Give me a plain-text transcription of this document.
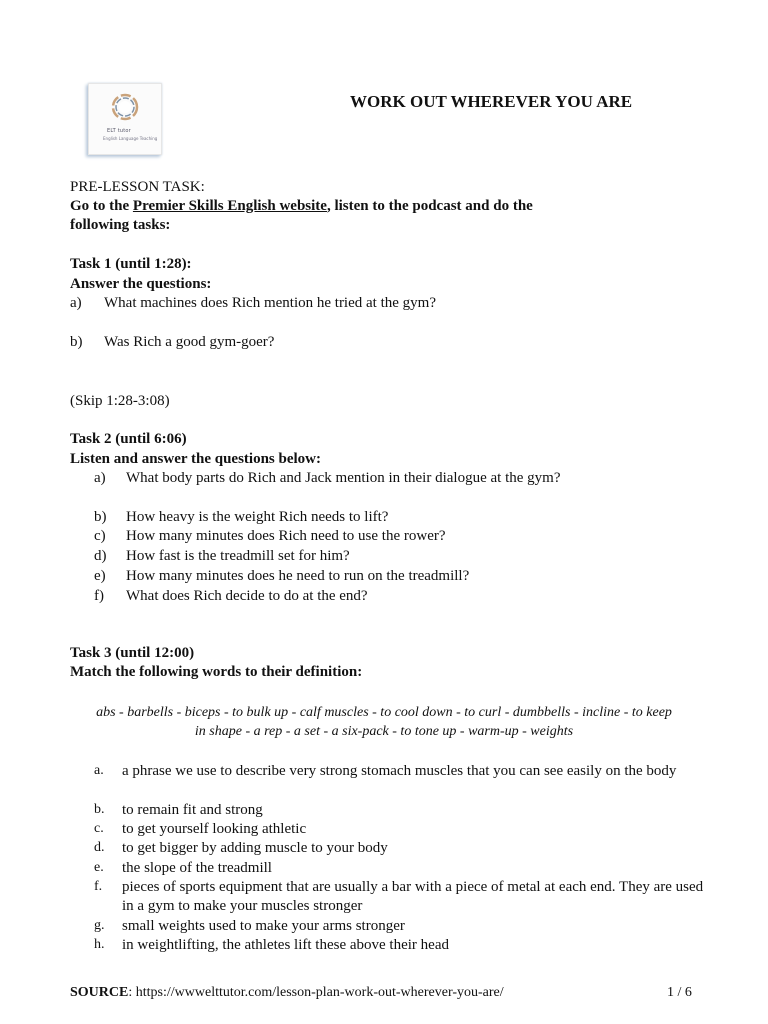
ELT tutor
English Language Teaching
WORK OUT WHEREVER YOU ARE
PRE-LESSON TASK:
Go to the Premier Skills English website, listen to the podcast and do the
following tasks:
Task 1 (until 1:28):
Answer the questions:
a) What machines does Rich mention he tried at the gym?
b) Was Rich a good gym-goer?
(Skip 1:28-3:08)
Task 2 (until 6:06)
Listen and answer the questions below:
a) What body parts do Rich and Jack mention in their dialogue at the gym?
b) How heavy is the weight Rich needs to lift?
c) How many minutes does Rich need to use the rower?
d) How fast is the treadmill set for him?
e) How many minutes does he need to run on the treadmill?
f) What does Rich decide to do at the end?
Task 3 (until 12:00)
Match the following words to their definition:
abs - barbells - biceps - to bulk up - calf muscles - to cool down - to curl - dumbbells - incline - to keep
in shape - a rep - a set - a six-pack - to tone up - warm-up - weights
a. a phrase we use to describe very strong stomach muscles that you can see easily on the body
b. to remain fit and strong
c. to get yourself looking athletic
d. to get bigger by adding muscle to your body
e. the slope of the treadmill
f. pieces of sports equipment that are usually a bar with a piece of metal at each end. They are used in a gym to make your muscles stronger
g. small weights used to make your arms stronger
h. in weightlifting, the athletes lift these above their head
SOURCE: https://wwwelttutor.com/lesson-plan-work-out-wherever-you-are/	1 / 6
